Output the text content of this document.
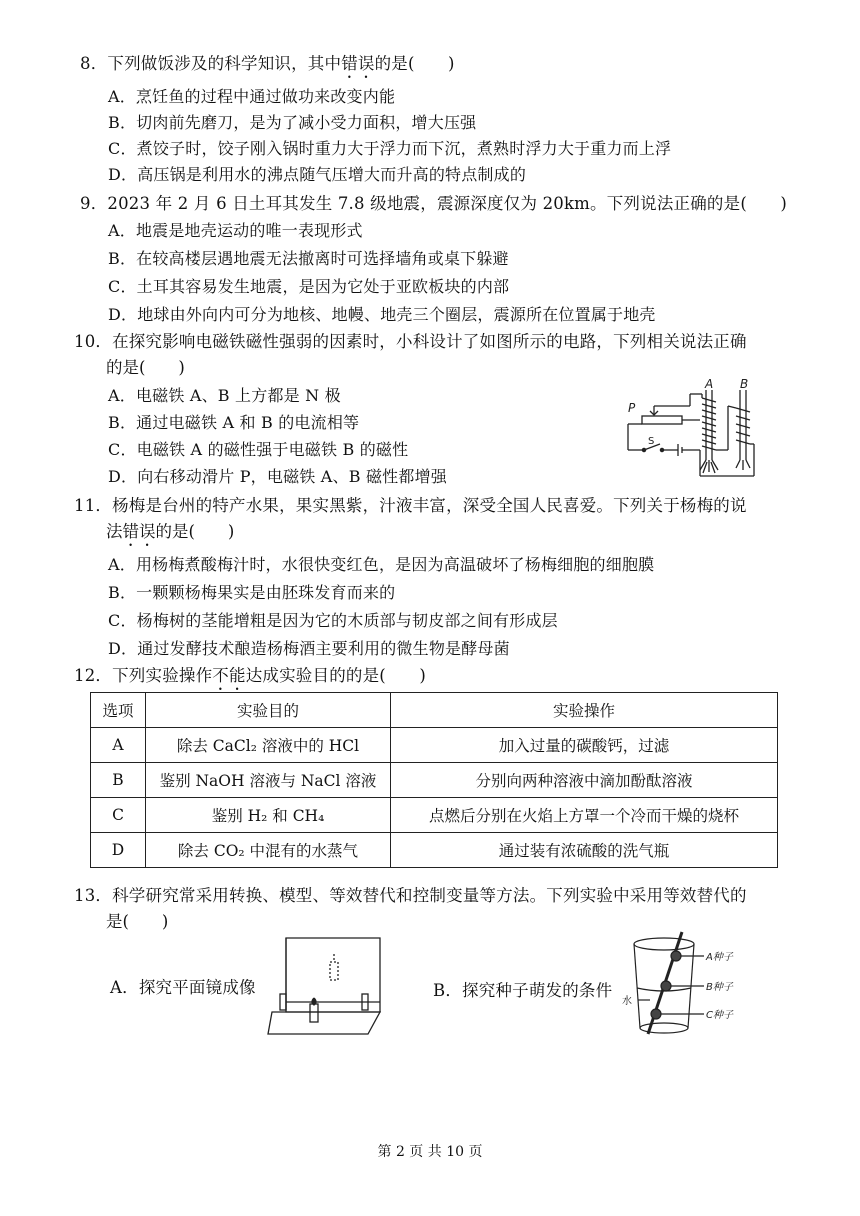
8．下列做饭涉及的科学知识，其中错误的是(　　)
A．烹饪鱼的过程中通过做功来改变内能
B．切肉前先磨刀，是为了减小受力面积，增大压强
C．煮饺子时，饺子刚入锅时重力大于浮力而下沉，煮熟时浮力大于重力而上浮
D．高压锅是利用水的沸点随气压增大而升高的特点制成的
9．2023 年 2 月 6 日土耳其发生 7.8 级地震，震源深度仅为 20km。下列说法正确的是(　　)
A．地震是地壳运动的唯一表现形式
B．在较高楼层遇地震无法撤离时可选择墙角或桌下躲避
C．土耳其容易发生地震，是因为它处于亚欧板块的内部
D．地球由外向内可分为地核、地幔、地壳三个圈层，震源所在位置属于地壳
10．在探究影响电磁铁磁性强弱的因素时，小科设计了如图所示的电路，下列相关说法正确
的是(　　)
A．电磁铁 A、B 上方都是 N 极
B．通过电磁铁 A 和 B 的电流相等
C．电磁铁 A 的磁性强于电磁铁 B 的磁性
D．向右移动滑片 P，电磁铁 A、B 磁性都增强
A B
P
S
11．杨梅是台州的特产水果，果实黑紫，汁液丰富，深受全国人民喜爱。下列关于杨梅的说
法错误的是(　　)
A．用杨梅煮酸梅汁时，水很快变红色，是因为高温破坏了杨梅细胞的细胞膜
B．一颗颗杨梅果实是由胚珠发育而来的
C．杨梅树的茎能增粗是因为它的木质部与韧皮部之间有形成层
D．通过发酵技术酿造杨梅酒主要利用的微生物是酵母菌
12．下列实验操作不能达成实验目的的是(　　)
选项	实验目的	实验操作
A	除去 CaCl₂ 溶液中的 HCl	加入过量的碳酸钙，过滤
B	鉴别 NaOH 溶液与 NaCl 溶液	分别向两种溶液中滴加酚酞溶液
C	鉴别 H₂ 和 CH₄	点燃后分别在火焰上方罩一个冷而干燥的烧杯
D	除去 CO₂ 中混有的水蒸气	通过装有浓硫酸的洗气瓶
13．科学研究常采用转换、模型、等效替代和控制变量等方法。下列实验中采用等效替代的
是(　　)
A．探究平面镜成像	B．探究种子萌发的条件
A种子
B种子
C种子
水
第 2 页 共 10 页
